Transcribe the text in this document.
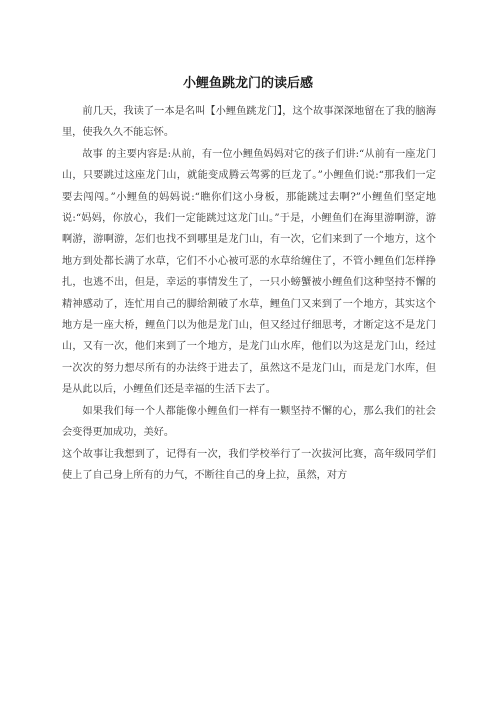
小鲤鱼跳龙门的读后感

前几天，我读了一本是名叫【小鲤鱼跳龙门】，这个故事深深地留在了我的脑海里，使我久久不能忘怀。

故事 的主要内容是:从前，有一位小鲤鱼妈妈对它的孩子们讲:“从前有一座龙门山，只要跳过这座龙门山，就能变成腾云驾雾的巨龙了。”小鲤鱼们说:“那我们一定要去闯闯。”小鲤鱼的妈妈说:“瞧你们这小身板，那能跳过去啊?”小鲤鱼们坚定地说:“妈妈，你放心，我们一定能跳过这龙门山。”于是，小鲤鱼们在海里游啊游，游啊游，游啊游，怎们也找不到哪里是龙门山，有一次，它们来到了一个地方，这个地方到处都长满了水草，它们不小心被可恶的水草给缠住了，不管小鲤鱼们怎样挣扎，也逃不出，但是，幸运的事情发生了，一只小螃蟹被小鲤鱼们这种坚持不懈的精神感动了，连忙用自己的脚给割破了水草，鲤鱼门又来到了一个地方，其实这个地方是一座大桥，鲤鱼门以为他是龙门山，但又经过仔细思考，才断定这不是龙门山，又有一次，他们来到了一个地方，是龙门山水库，他们以为这是龙门山，经过一次次的努力想尽所有的办法终于进去了，虽然这不是龙门山，而是龙门水库，但是从此以后，小鲤鱼们还是幸福的生活下去了。

如果我们每一个人都能像小鲤鱼们一样有一颗坚持不懈的心，那么我们的社会会变得更加成功，美好。

这个故事让我想到了，记得有一次，我们学校举行了一次拔河比赛，高年级同学们使上了自己身上所有的力气，不断往自己的身上拉，虽然，对方
